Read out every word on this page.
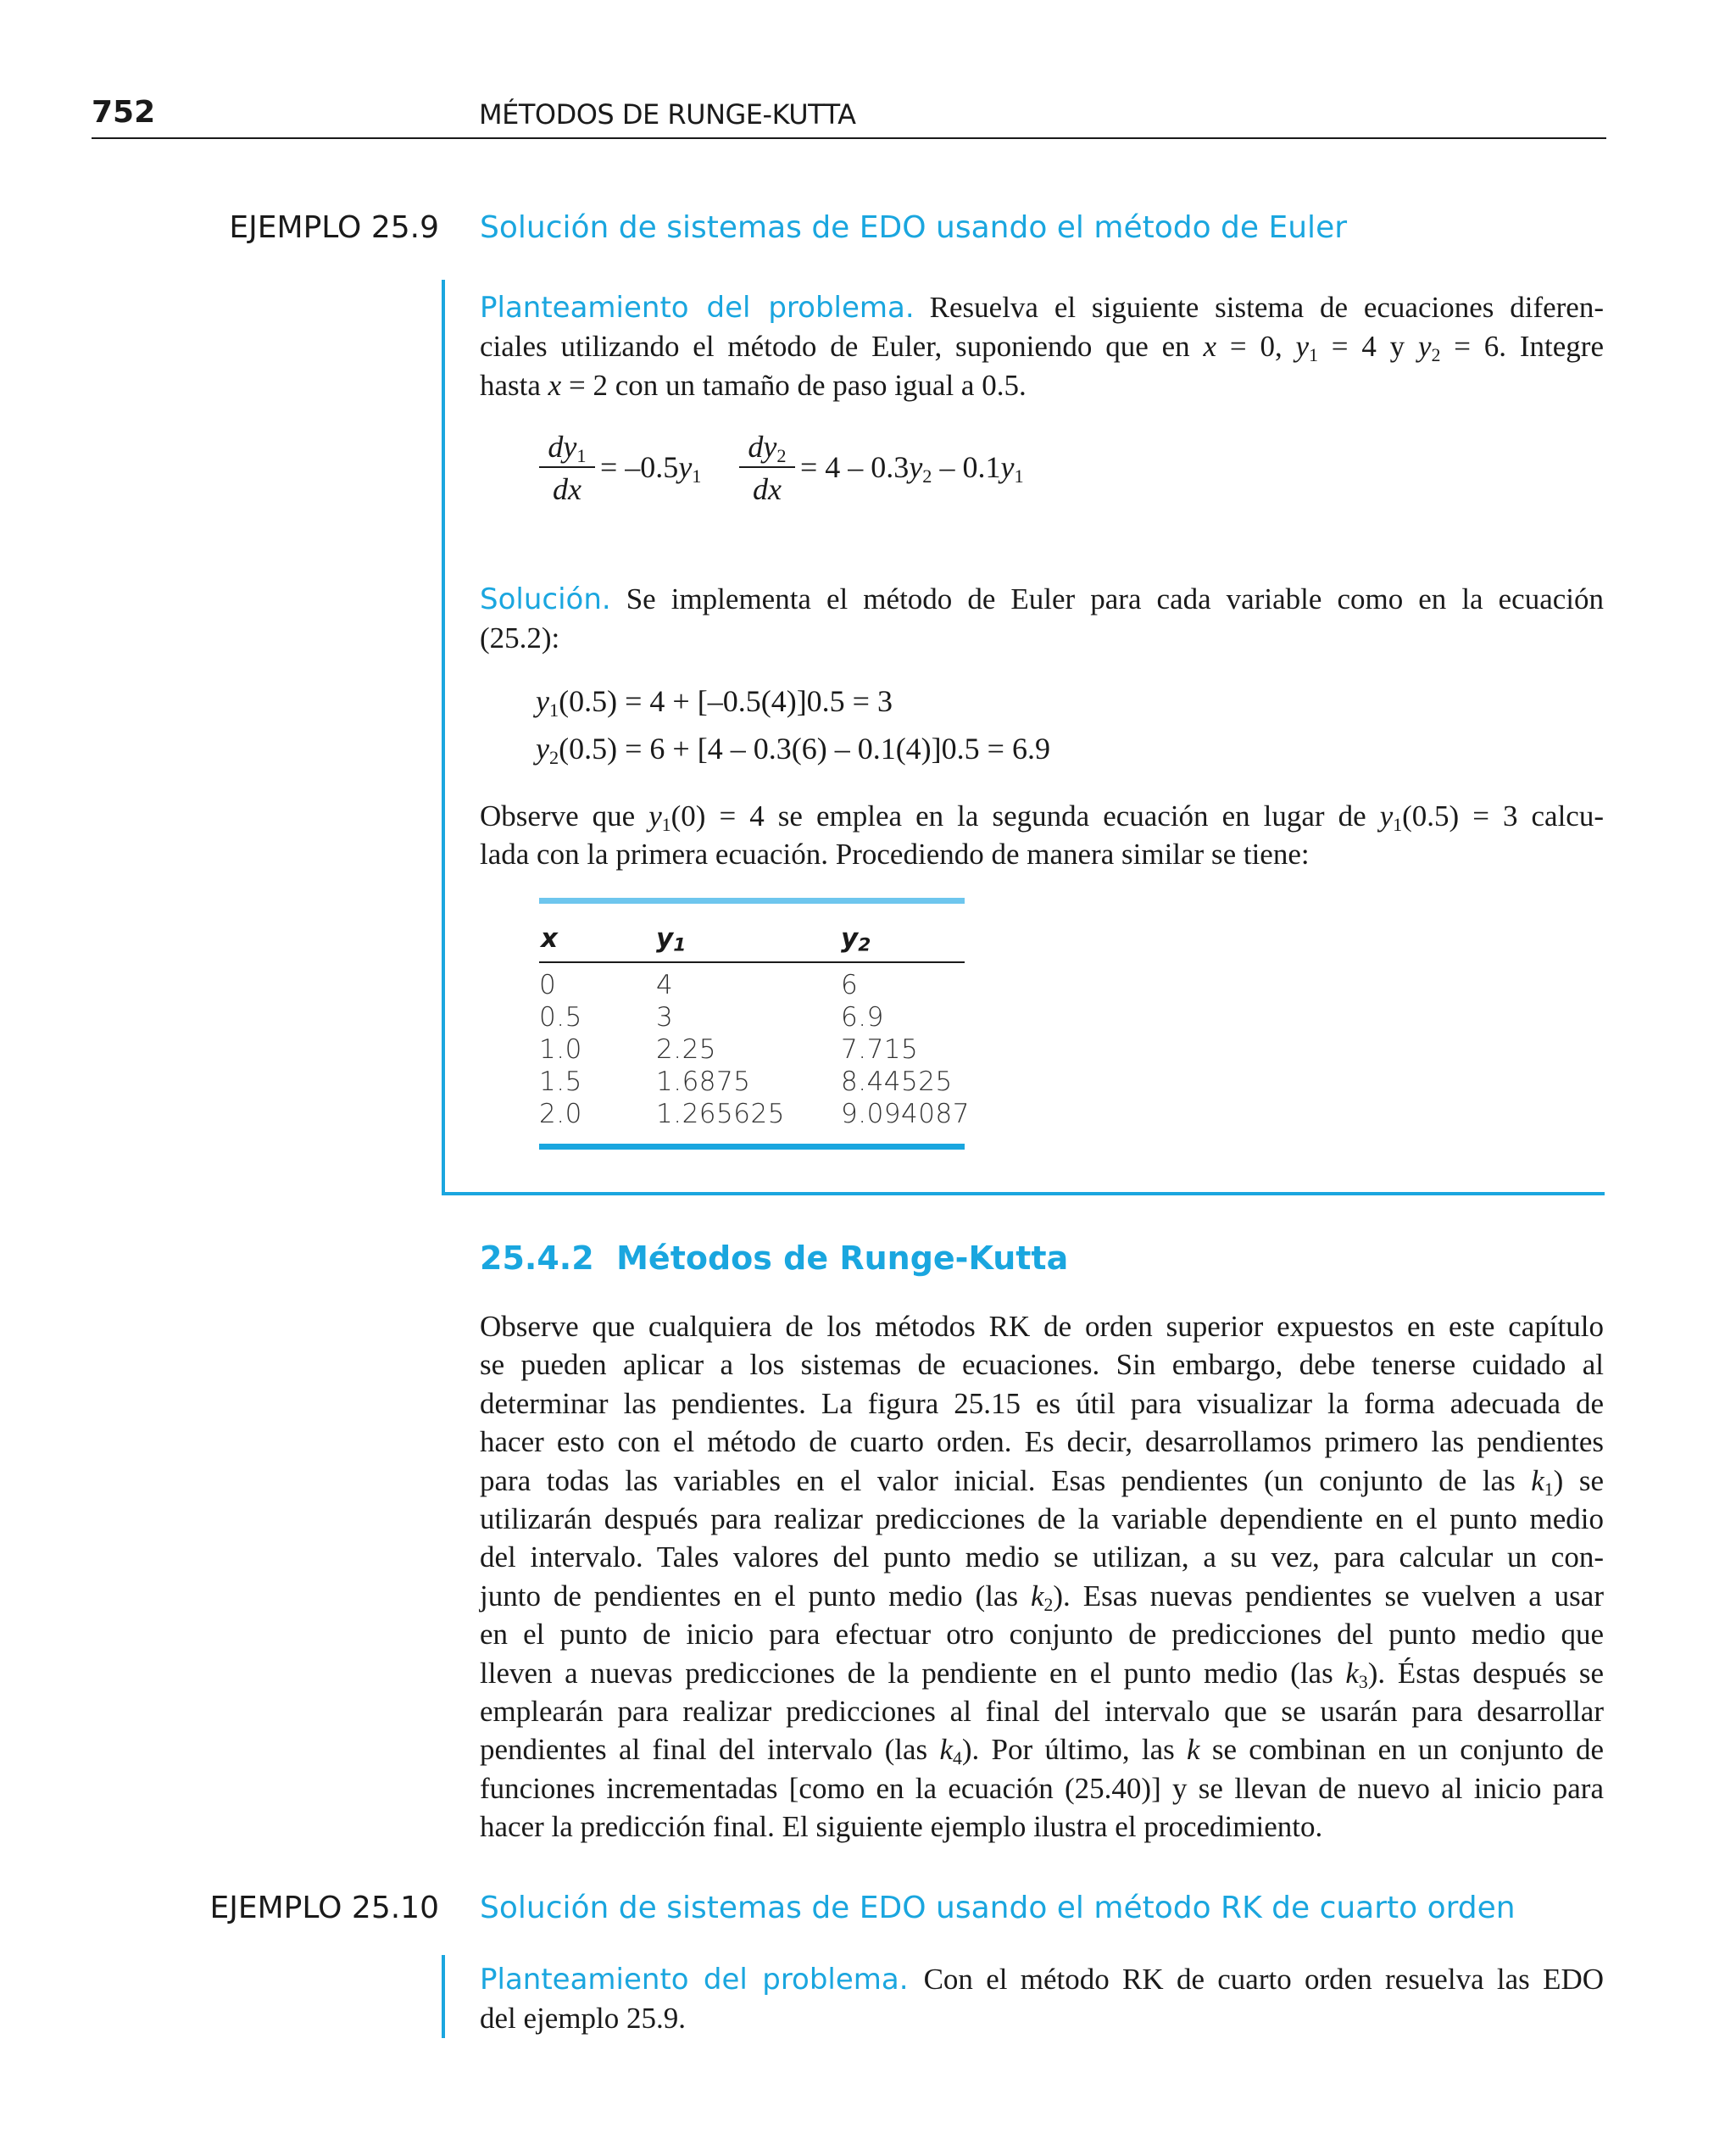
752	MÉTODOS DE RUNGE-KUTTA
EJEMPLO 25.9 Solución de sistemas de EDO usando el método de Euler
Planteamiento del problema. Resuelva el siguiente sistema de ecuaciones diferen-
ciales utilizando el método de Euler, suponiendo que en x = 0, $y_1 = 4$ y $y_2 = 6$. Integre
hasta x = 2 con un tamaño de paso igual a 0.5.
$dy_1$
dx
= $-0.5y_1$
$dy_2$
dx
= $4 - 0.3y_2 - 0.1y_1$
Solución. Se implementa el método de Euler para cada variable como en la ecuación
(25.2):
$y_1(0.5) = 4 + [-0.5(4)]0.5 = 3$
$y_2(0.5) = 6 + [4 - 0.3(6) - 0.1(4)]0.5 = 6.9$
Observe que $y_1(0) = 4$ se emplea en la segunda ecuación en lugar de $y_1(0.5) = 3$ calcu-
lada con la primera ecuación. Procediendo de manera similar se tiene:
x	$y_1$	$y_2$
0	4	6
0.5	3	6.9
1.0	2.25	7.715
1.5	1.6875	8.44525
2.0	1.265625 9.094087
25.4.2 Métodos de Runge-Kutta
Observe que cualquiera de los métodos RK de orden superior expuestos en este capítulo
se pueden aplicar a los sistemas de ecuaciones. Sin embargo, debe tenerse cuidado al
determinar las pendientes. La figura 25.15 es útil para visualizar la forma adecuada de
hacer esto con el método de cuarto orden. Es decir, desarrollamos primero las pendientes
para todas las variables en el valor inicial. Esas pendientes (un conjunto de las $k_1$) se
utilizarán después para realizar predicciones de la variable dependiente en el punto medio
del intervalo. Tales valores del punto medio se utilizan, a su vez, para calcular un con-
junto de pendientes en el punto medio (las $k_2$). Esas nuevas pendientes se vuelven a usar
en el punto de inicio para efectuar otro conjunto de predicciones del punto medio que
lleven a nuevas predicciones de la pendiente en el punto medio (las $k_3$). Éstas después se
emplearán para realizar predicciones al final del intervalo que se usarán para desarrollar
pendientes al final del intervalo (las $k_4$). Por último, las k se combinan en un conjunto de
funciones incrementadas [como en la ecuación (25.40)] y se llevan de nuevo al inicio para
hacer la predicción final. El siguiente ejemplo ilustra el procedimiento.
EJEMPLO 25.10 Solución de sistemas de EDO usando el método RK de cuarto orden
Planteamiento del problema. Con el método RK de cuarto orden resuelva las EDO
del ejemplo 25.9.
